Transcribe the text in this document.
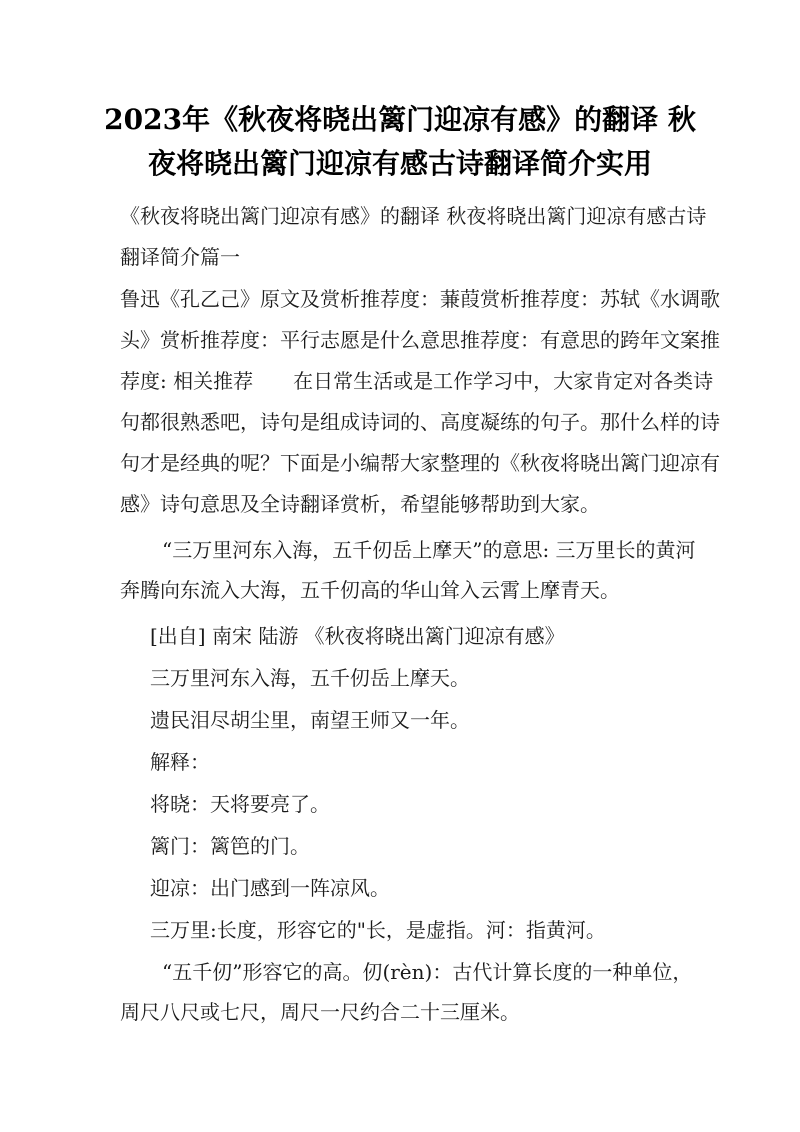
2023年《秋夜将晓出篱门迎凉有感》的翻译 秋
夜将晓出篱门迎凉有感古诗翻译简介实用
《秋夜将晓出篱门迎凉有感》的翻译 秋夜将晓出篱门迎凉有感古诗
翻译简介篇一
鲁迅《孔乙己》原文及赏析推荐度：蒹葭赏析推荐度：苏轼《水调歌
头》赏析推荐度：平行志愿是什么意思推荐度：有意思的跨年文案推
荐度: 相关推荐　　在日常生活或是工作学习中，大家肯定对各类诗
句都很熟悉吧，诗句是组成诗词的、高度凝练的句子。那什么样的诗
句才是经典的呢？下面是小编帮大家整理的《秋夜将晓出篱门迎凉有
感》诗句意思及全诗翻译赏析，希望能够帮助到大家。
“三万里河东入海，五千仞岳上摩天”的意思: 三万里长的黄河
奔腾向东流入大海，五千仞高的华山耸入云霄上摩青天。
[出自] 南宋 陆游 《秋夜将晓出篱门迎凉有感》
三万里河东入海，五千仞岳上摩天。
遗民泪尽胡尘里，南望王师又一年。
解释：
将晓：天将要亮了。
篱门：篱笆的门。
迎凉：出门感到一阵凉风。
三万里:长度，形容它的"长，是虚指。河：指黄河。
“五千仞”形容它的高。仞(rèn)：古代计算长度的一种单位，
周尺八尺或七尺，周尺一尺约合二十三厘米。
